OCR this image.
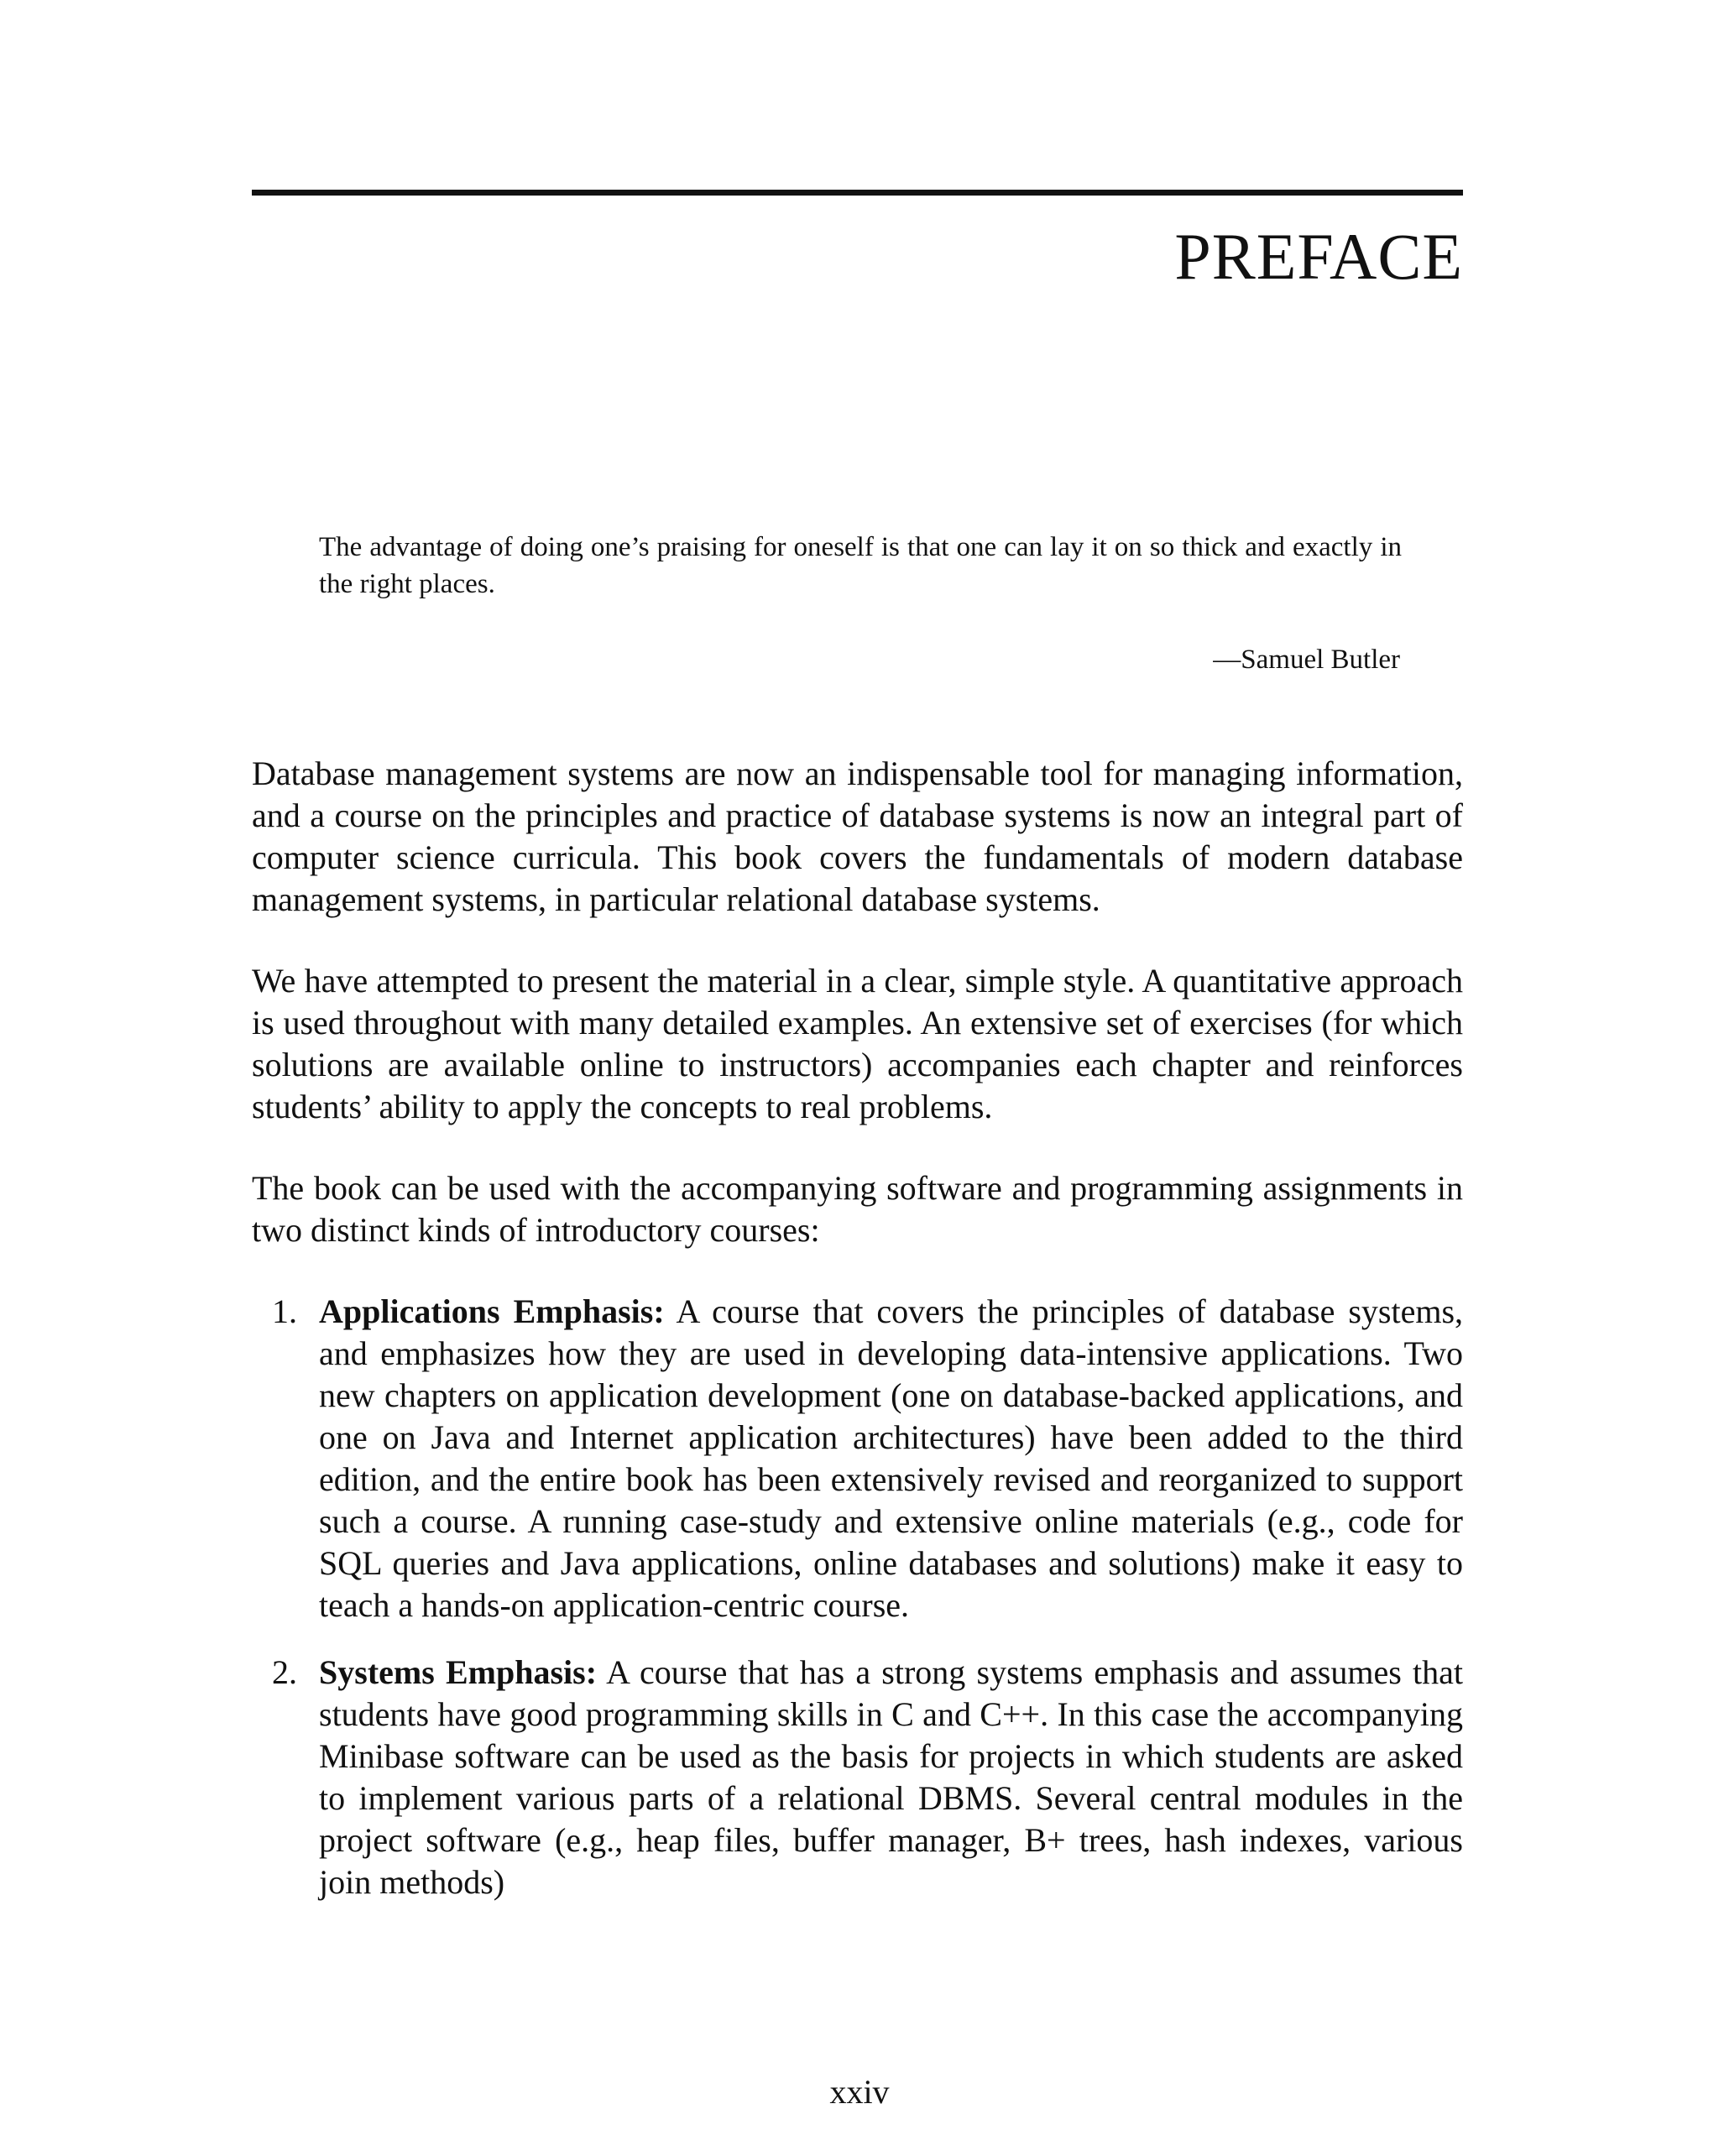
PREFACE
The advantage of doing one’s praising for oneself is that one can lay it on so thick and exactly in the right places.
—Samuel Butler

Database management systems are now an indispensable tool for managing information, and a course on the principles and practice of database systems is now an integral part of computer science curricula. This book covers the fundamentals of modern database management systems, in particular relational database systems.

We have attempted to present the material in a clear, simple style. A quantitative approach is used throughout with many detailed examples. An extensive set of exercises (for which solutions are available online to instructors) accompanies each chapter and reinforces students’ ability to apply the concepts to real problems.

The book can be used with the accompanying software and programming assignments in two distinct kinds of introductory courses:

1. Applications Emphasis: A course that covers the principles of database systems, and emphasizes how they are used in developing data-intensive applications. Two new chapters on application development (one on database-backed applications, and one on Java and Internet application architectures) have been added to the third edition, and the entire book has been extensively revised and reorganized to support such a course. A running case-study and extensive online materials (e.g., code for SQL queries and Java applications, online databases and solutions) make it easy to teach a hands-on application-centric course.
2. Systems Emphasis: A course that has a strong systems emphasis and assumes that students have good programming skills in C and C++. In this case the accompanying Minibase software can be used as the basis for projects in which students are asked to implement various parts of a relational DBMS. Several central modules in the project software (e.g., heap files, buffer manager, B+ trees, hash indexes, various join methods)
xxiv
